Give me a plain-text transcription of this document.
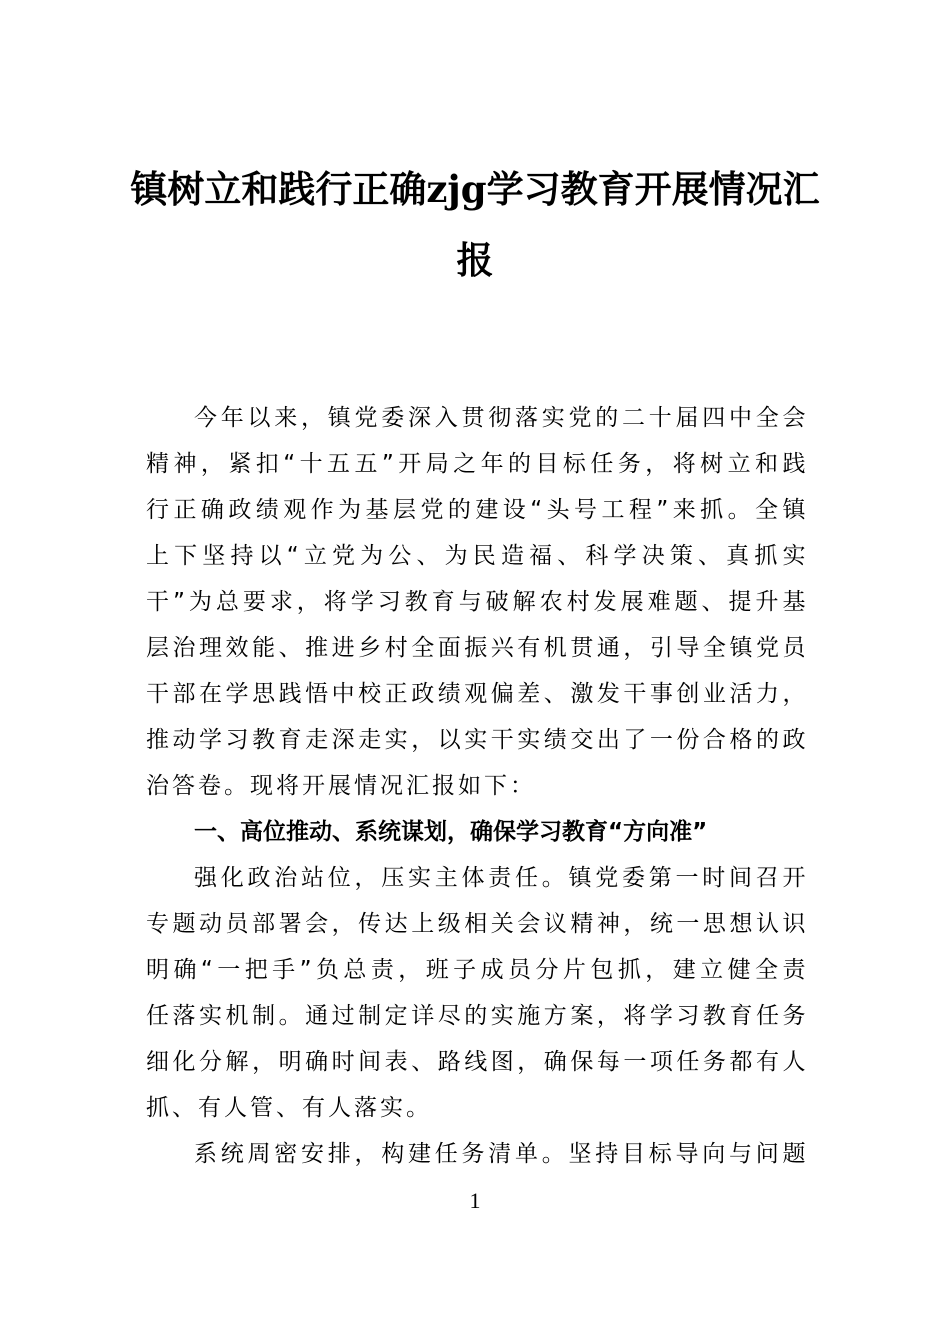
镇树立和践行正确zjg学习教育开展情况汇
报
今年以来，镇党委深入贯彻落实党的二十届四中全会
精神，紧扣“十五五”开局之年的目标任务，将树立和践
行正确政绩观作为基层党的建设“头号工程”来抓。全镇
上下坚持以“立党为公、为民造福、科学决策、真抓实
干”为总要求，将学习教育与破解农村发展难题、提升基
层治理效能、推进乡村全面振兴有机贯通，引导全镇党员
干部在学思践悟中校正政绩观偏差、激发干事创业活力，
推动学习教育走深走实，以实干实绩交出了一份合格的政
治答卷。现将开展情况汇报如下：
一、高位推动、系统谋划，确保学习教育“方向准”
强化政治站位，压实主体责任。镇党委第一时间召开
专题动员部署会，传达上级相关会议精神，统一思想认识
明确“一把手”负总责，班子成员分片包抓，建立健全责
任落实机制。通过制定详尽的实施方案，将学习教育任务
细化分解，明确时间表、路线图，确保每一项任务都有人
抓、有人管、有人落实。
系统周密安排，构建任务清单。坚持目标导向与问题
1
